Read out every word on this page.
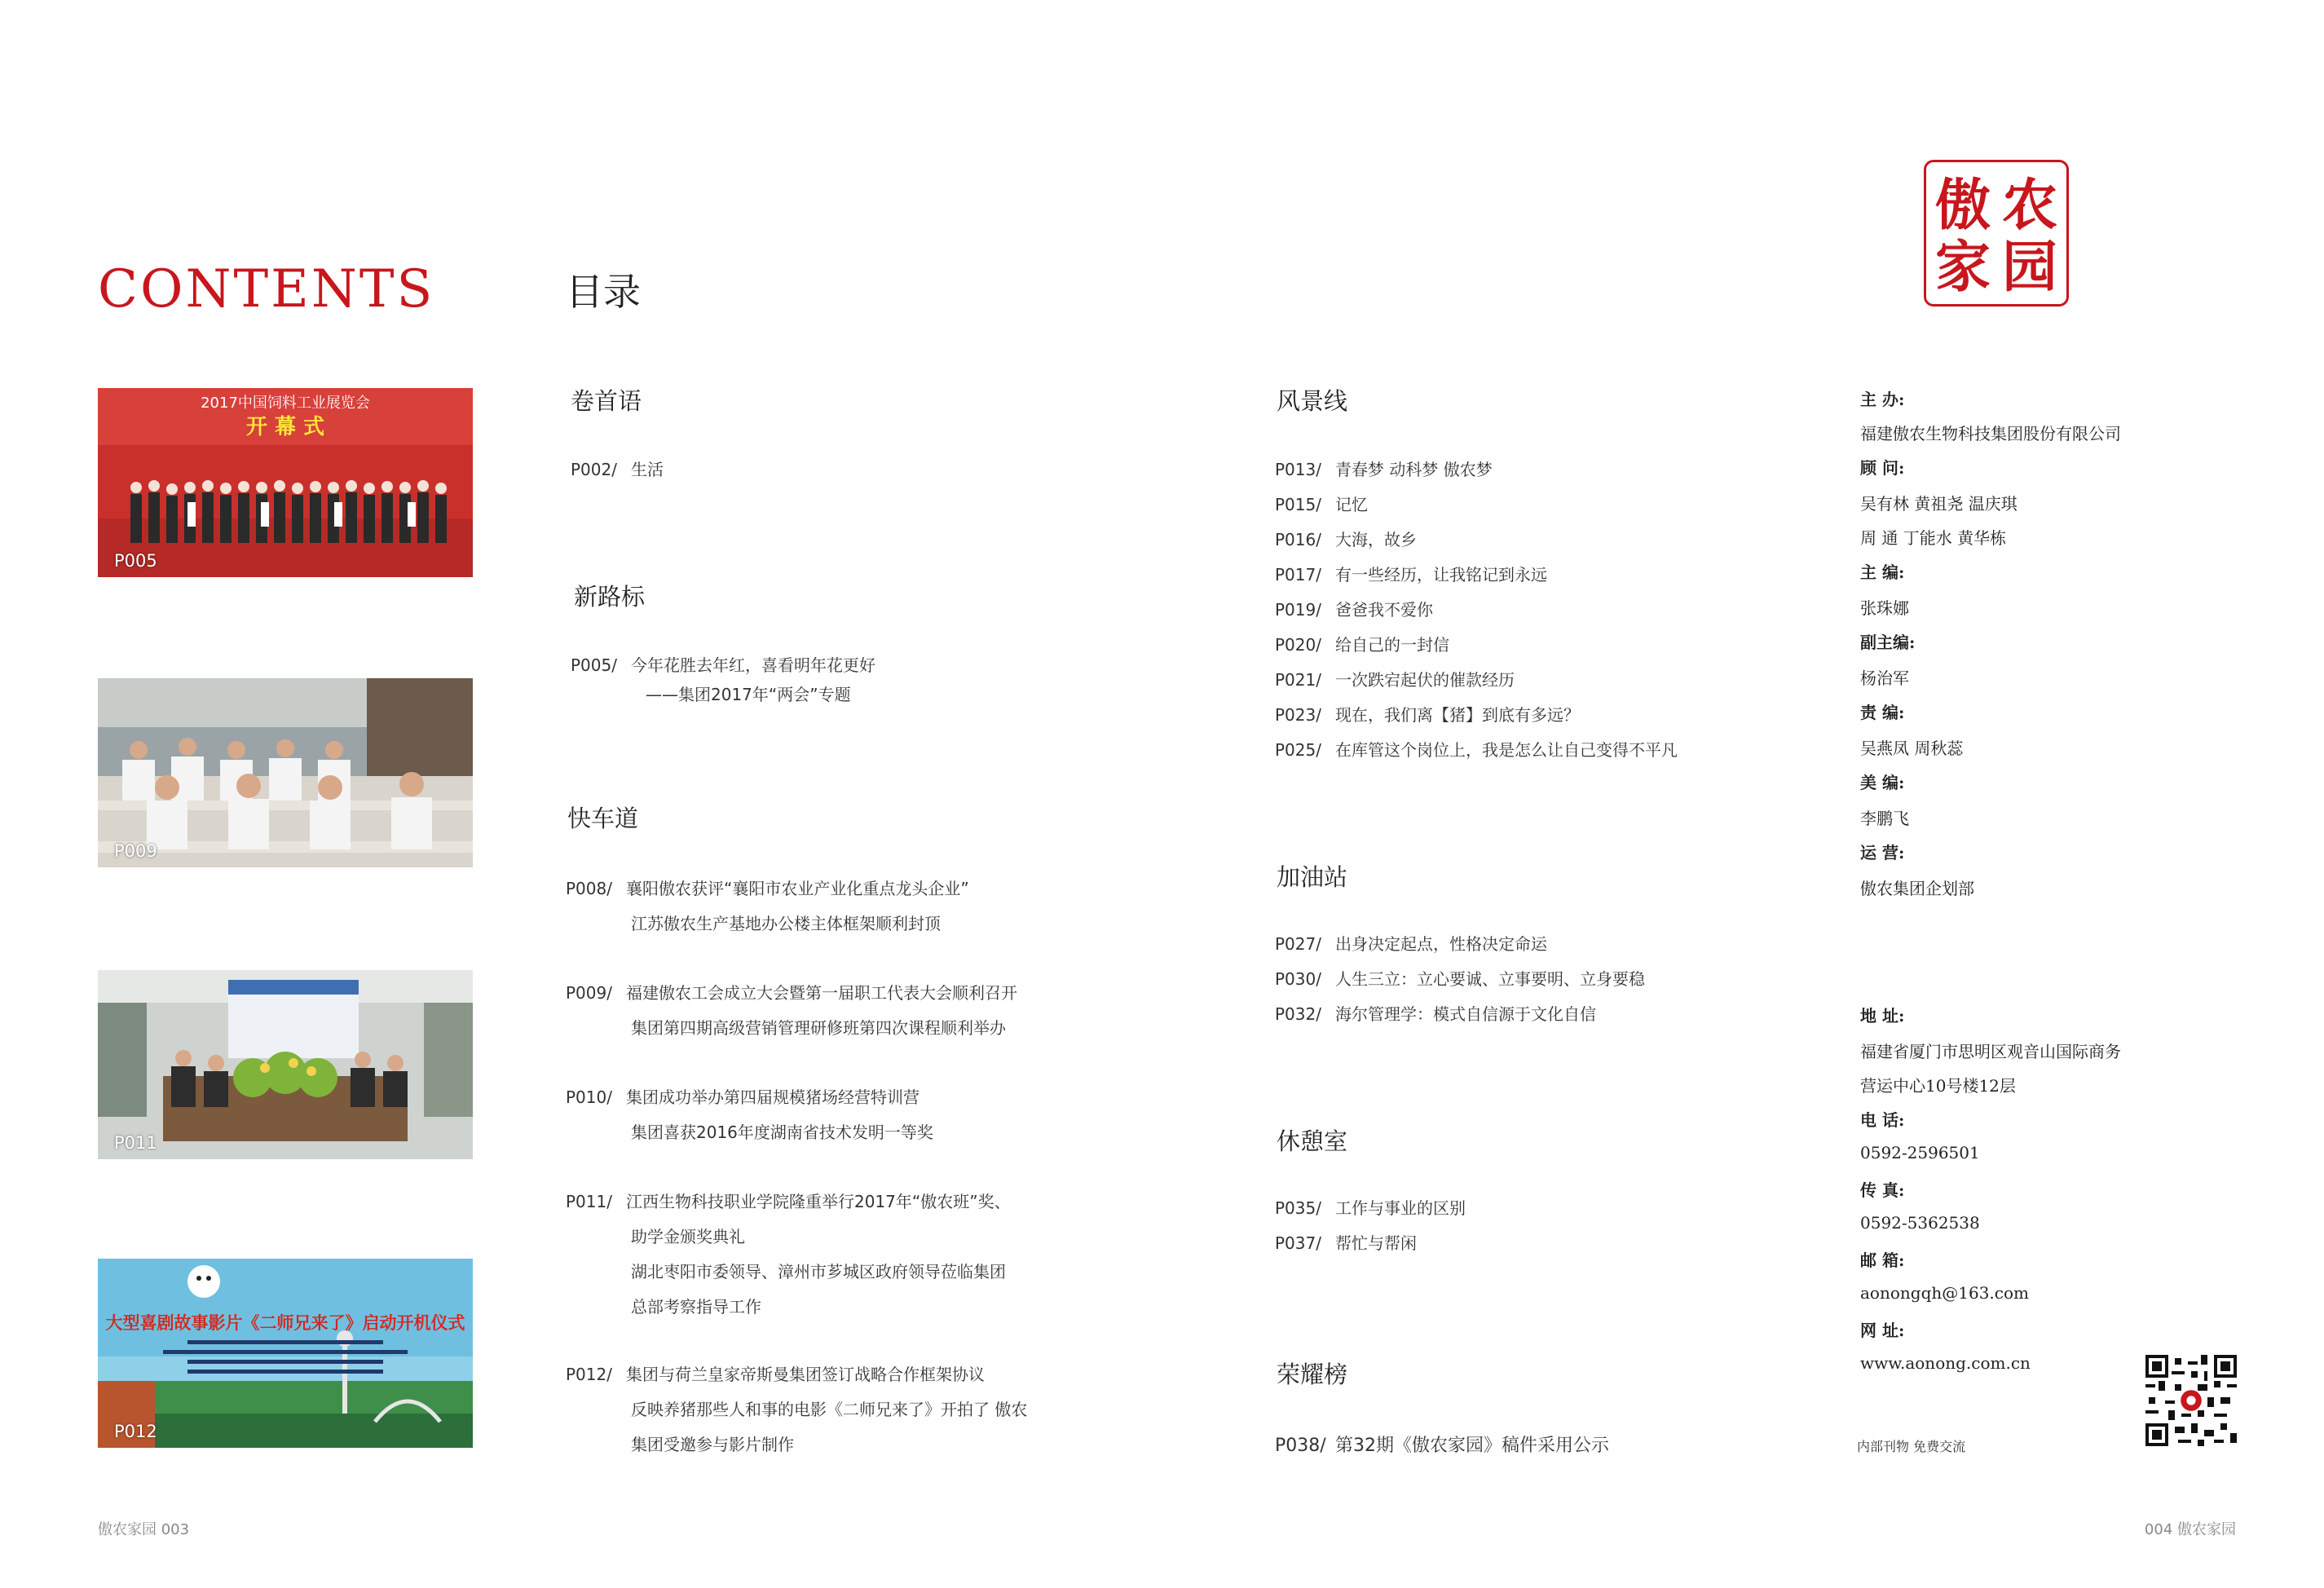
CONTENTS	目录
傲 农
家 园
2017中国饲料工业展览会
开 幕 式
P005
P009
P011
大型喜剧故事影片《二师兄来了》启动开机仪式
P012
卷首语
P002/ 生活
新路标
P005/ 今年花胜去年红，喜看明年花更好
——集团2017年“两会”专题
快车道
P008/ 襄阳傲农获评“襄阳市农业产业化重点龙头企业”
江苏傲农生产基地办公楼主体框架顺利封顶
P009/ 福建傲农工会成立大会暨第一届职工代表大会顺利召开
集团第四期高级营销管理研修班第四次课程顺利举办
P010/ 集团成功举办第四届规模猪场经营特训营
集团喜获2016年度湖南省技术发明一等奖
P011/ 江西生物科技职业学院隆重举行2017年“傲农班”奖、
助学金颁奖典礼
湖北枣阳市委领导、漳州市芗城区政府领导莅临集团
总部考察指导工作
P012/ 集团与荷兰皇家帝斯曼集团签订战略合作框架协议
反映养猪那些人和事的电影《二师兄来了》开拍了 傲农
集团受邀参与影片制作
风景线
P013/ 青春梦 动科梦 傲农梦
P015/ 记忆
P016/ 大海，故乡
P017/ 有一些经历，让我铭记到永远
P019/ 爸爸我不爱你
P020/ 给自己的一封信
P021/ 一次跌宕起伏的催款经历
P023/ 现在，我们离【猪】到底有多远？
P025/ 在库管这个岗位上，我是怎么让自己变得不平凡
加油站
P027/ 出身决定起点，性格决定命运
P030/ 人生三立：立心要诚、立事要明、立身要稳
P032/ 海尔管理学：模式自信源于文化自信
休憩室
P035/ 工作与事业的区别
P037/ 帮忙与帮闲
荣耀榜
P038/ 第32期《傲农家园》稿件采用公示
主 办:
福建傲农生物科技集团股份有限公司
顾 问:
吴有林 黄祖尧 温庆琪
周 通 丁能水 黄华栋
主 编:
张珠娜
副主编:
杨治军
责 编:
吴燕凤 周秋蕊
美 编:
李鹏飞
运 营:
傲农集团企划部
地 址:
福建省厦门市思明区观音山国际商务
营运中心10号楼12层
电 话:
0592-2596501
传 真:
0592-5362538
邮 箱:
aonongqh@163.com
网 址:
www.aonong.com.cn
内部刊物 免费交流
傲农家园 003	004 傲农家园
